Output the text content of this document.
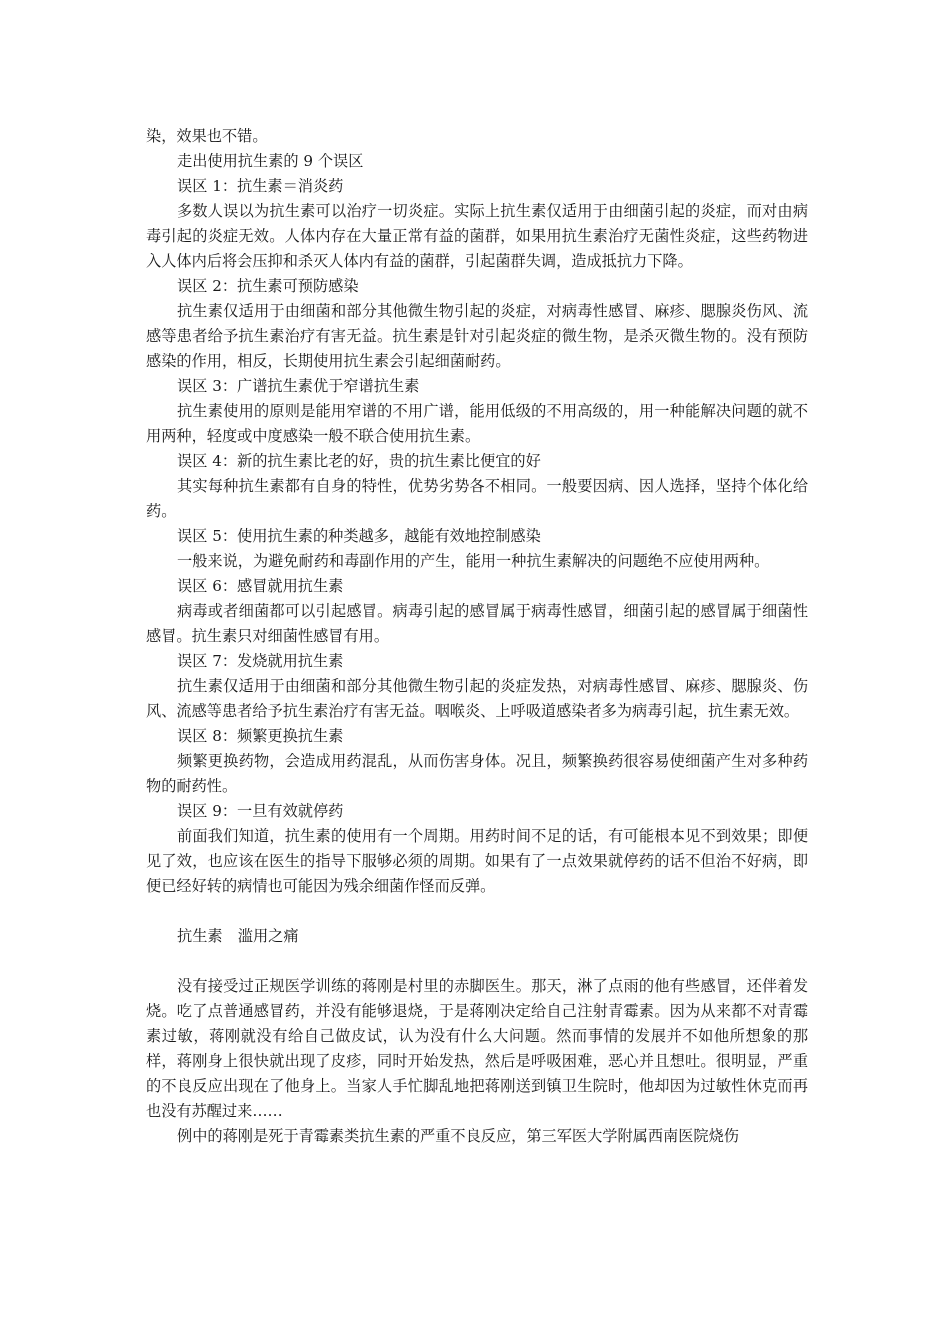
染，效果也不错。

走出使用抗生素的 9 个误区

误区 1：抗生素＝消炎药

多数人误以为抗生素可以治疗一切炎症。实际上抗生素仅适用于由细菌引起的炎症，而对由病毒引起的炎症无效。人体内存在大量正常有益的菌群，如果用抗生素治疗无菌性炎症，这些药物进入人体内后将会压抑和杀灭人体内有益的菌群，引起菌群失调，造成抵抗力下降。

误区 2：抗生素可预防感染

抗生素仅适用于由细菌和部分其他微生物引起的炎症，对病毒性感冒、麻疹、腮腺炎伤风、流感等患者给予抗生素治疗有害无益。抗生素是针对引起炎症的微生物，是杀灭微生物的。没有预防感染的作用，相反，长期使用抗生素会引起细菌耐药。

误区 3：广谱抗生素优于窄谱抗生素

抗生素使用的原则是能用窄谱的不用广谱，能用低级的不用高级的，用一种能解决问题的就不用两种，轻度或中度感染一般不联合使用抗生素。

误区 4：新的抗生素比老的好，贵的抗生素比便宜的好

其实每种抗生素都有自身的特性，优势劣势各不相同。一般要因病、因人选择，坚持个体化给药。

误区 5：使用抗生素的种类越多，越能有效地控制感染

一般来说，为避免耐药和毒副作用的产生，能用一种抗生素解决的问题绝不应使用两种。

误区 6：感冒就用抗生素

病毒或者细菌都可以引起感冒。病毒引起的感冒属于病毒性感冒，细菌引起的感冒属于细菌性感冒。抗生素只对细菌性感冒有用。

误区 7：发烧就用抗生素

抗生素仅适用于由细菌和部分其他微生物引起的炎症发热，对病毒性感冒、麻疹、腮腺炎、伤风、流感等患者给予抗生素治疗有害无益。咽喉炎、上呼吸道感染者多为病毒引起，抗生素无效。

误区 8：频繁更换抗生素

频繁更换药物，会造成用药混乱，从而伤害身体。况且，频繁换药很容易使细菌产生对多种药物的耐药性。

误区 9：一旦有效就停药

前面我们知道，抗生素的使用有一个周期。用药时间不足的话，有可能根本见不到效果；即便见了效，也应该在医生的指导下服够必须的周期。如果有了一点效果就停药的话不但治不好病，即便已经好转的病情也可能因为残余细菌作怪而反弹。

抗生素　滥用之痛

没有接受过正规医学训练的蒋刚是村里的赤脚医生。那天，淋了点雨的他有些感冒，还伴着发烧。吃了点普通感冒药，并没有能够退烧，于是蒋刚决定给自己注射青霉素。因为从来都不对青霉素过敏，蒋刚就没有给自己做皮试，认为没有什么大问题。然而事情的发展并不如他所想象的那样，蒋刚身上很快就出现了皮疹，同时开始发热，然后是呼吸困难，恶心并且想吐。很明显，严重的不良反应出现在了他身上。当家人手忙脚乱地把蒋刚送到镇卫生院时，他却因为过敏性休克而再也没有苏醒过来……

例中的蒋刚是死于青霉素类抗生素的严重不良反应，第三军医大学附属西南医院烧伤
